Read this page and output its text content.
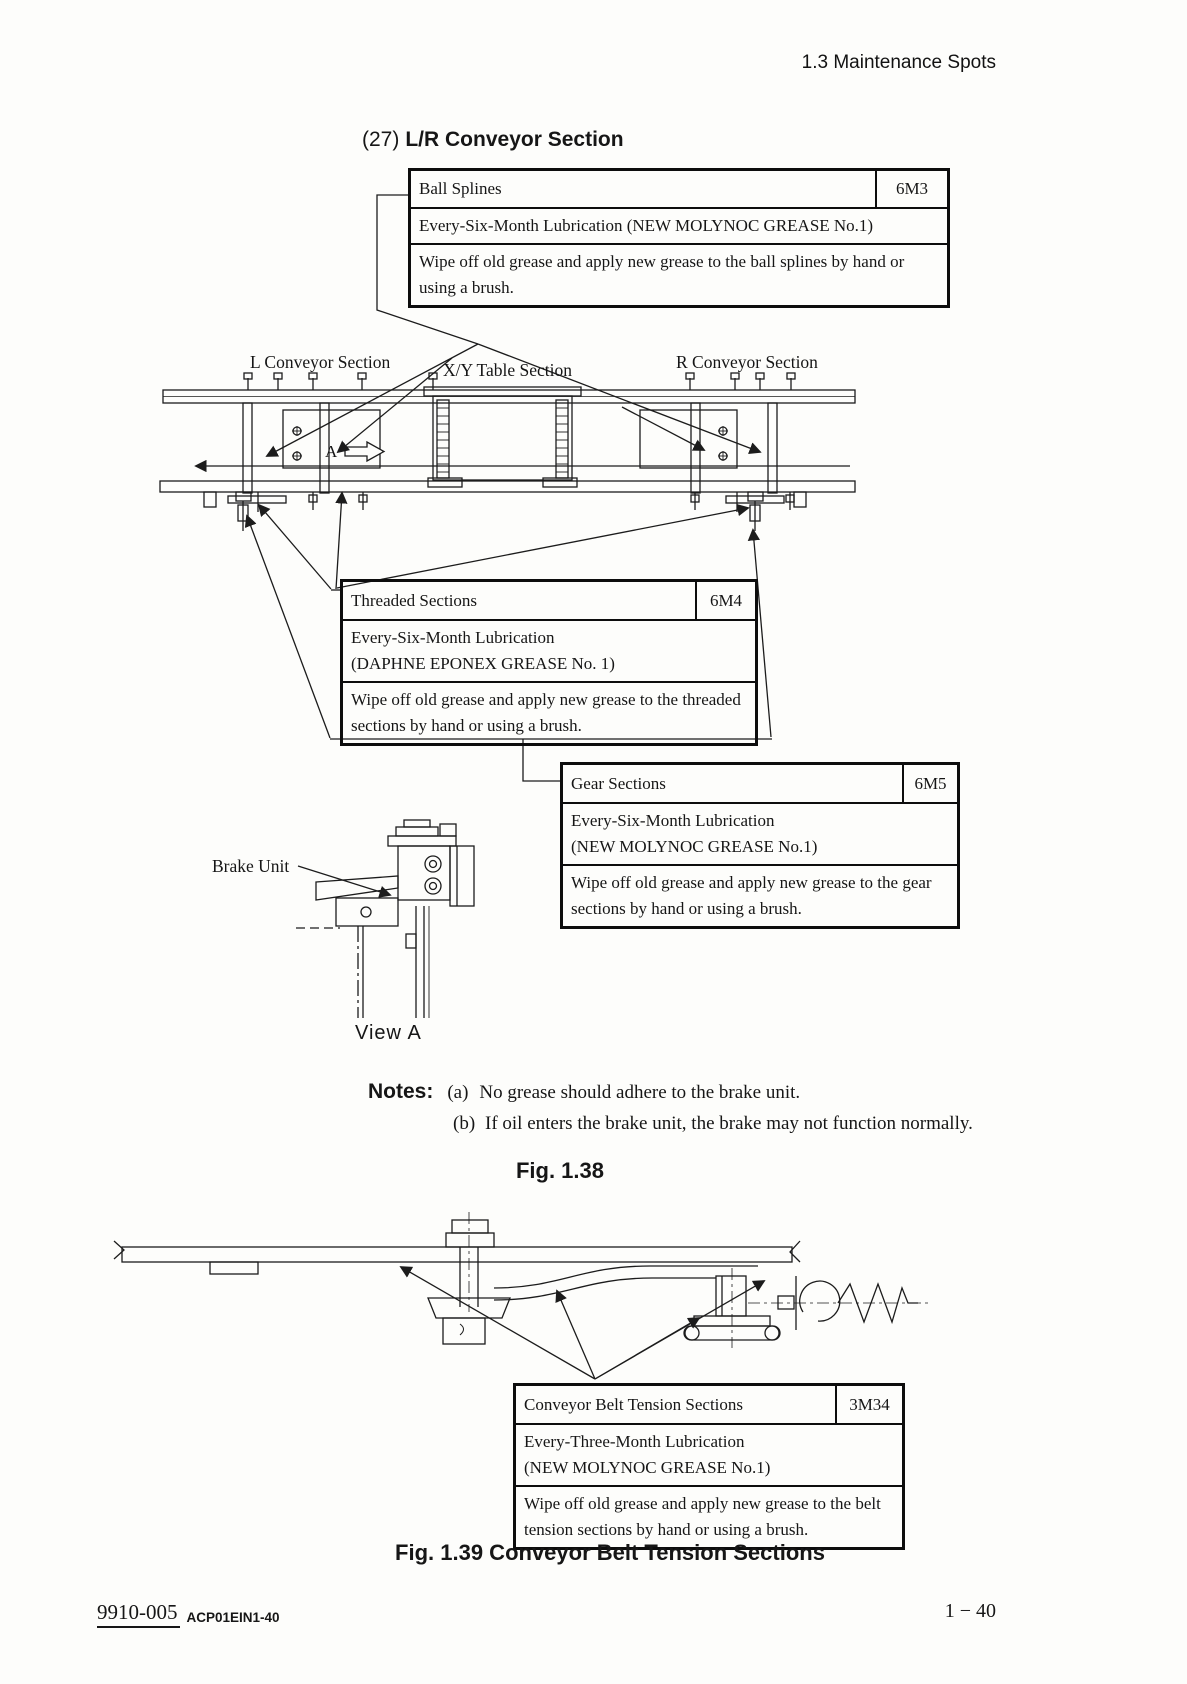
1.3 Maintenance Spots
(27) L/R Conveyor Section
Ball Splines	6M3
Every-Six-Month Lubrication (NEW MOLYNOC GREASE No.1)
Wipe off old grease and apply new grease to the ball splines by hand or using a brush.
L Conveyor Section	X/Y Table Section	R Conveyor Section
A
Threaded Sections	6M4
Every-Six-Month Lubrication
(DAPHNE EPONEX GREASE No. 1)
Wipe off old grease and apply new grease to the threaded sections by hand or using a brush.
Gear Sections	6M5
Every-Six-Month Lubrication
(NEW MOLYNOC GREASE No.1)
Wipe off old grease and apply new grease to the gear sections by hand or using a brush.
Brake Unit
View A
Notes: (a) No grease should adhere to the brake unit.
(b) If oil enters the brake unit, the brake may not function normally.
Fig. 1.38
Conveyor Belt Tension Sections	3M34
Every-Three-Month Lubrication
(NEW MOLYNOC GREASE No.1)
Wipe off old grease and apply new grease to the belt tension sections by hand or using a brush.
Fig. 1.39 Conveyor Belt Tension Sections
9910-005 ACP01EIN1-40	1 − 40
